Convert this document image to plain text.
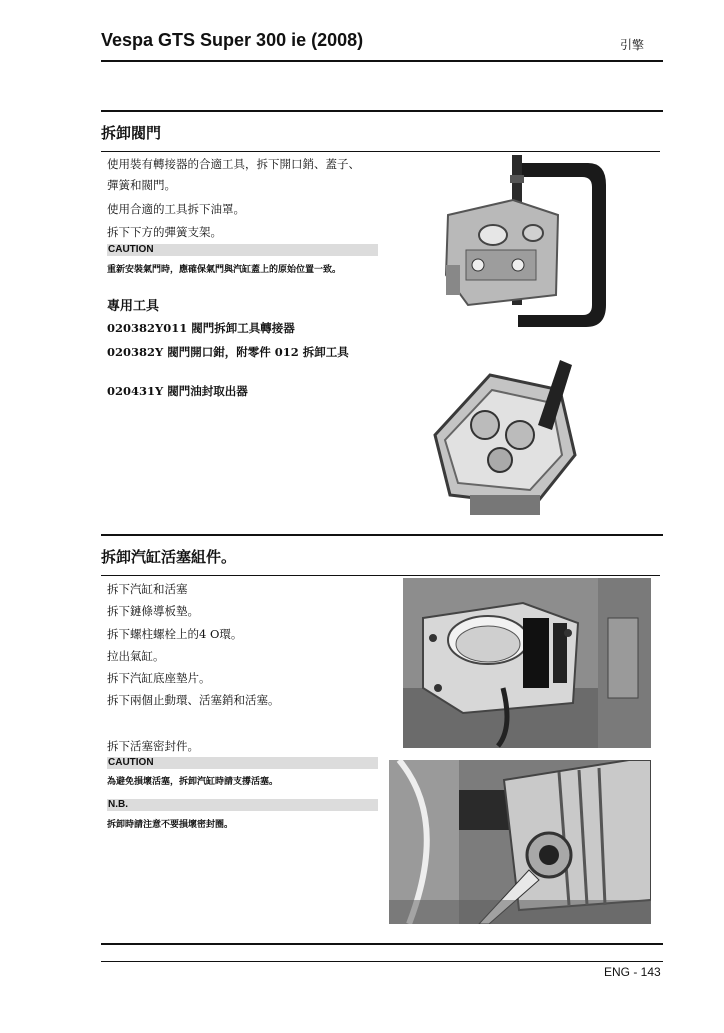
Vespa GTS Super 300 ie (2008)	引擎
拆卸閥門
使用裝有轉接器的合適工具，拆下開口銷、蓋子、
彈簧和閥門。
使用合適的工具拆下油罩。
拆下下方的彈簧支架。
CAUTION
重新安裝氣門時，應確保氣門與汽缸蓋上的原始位置一致。
專用工具
020382Y011 閥門拆卸工具轉接器
020382Y 閥門開口鉗，附零件 012 拆卸工具
020431Y 閥門油封取出器
拆卸汽缸活塞組件。
拆下汽缸和活塞
拆下鏈條導板墊。
拆下螺柱螺栓上的4 O環。
拉出氣缸。
拆下汽缸底座墊片。
拆下兩個止動環、活塞銷和活塞。
拆下活塞密封件。
CAUTION
為避免損壞活塞，拆卸汽缸時請支撐活塞。
N.B.
拆卸時請注意不要損壞密封圈。
ENG - 143
